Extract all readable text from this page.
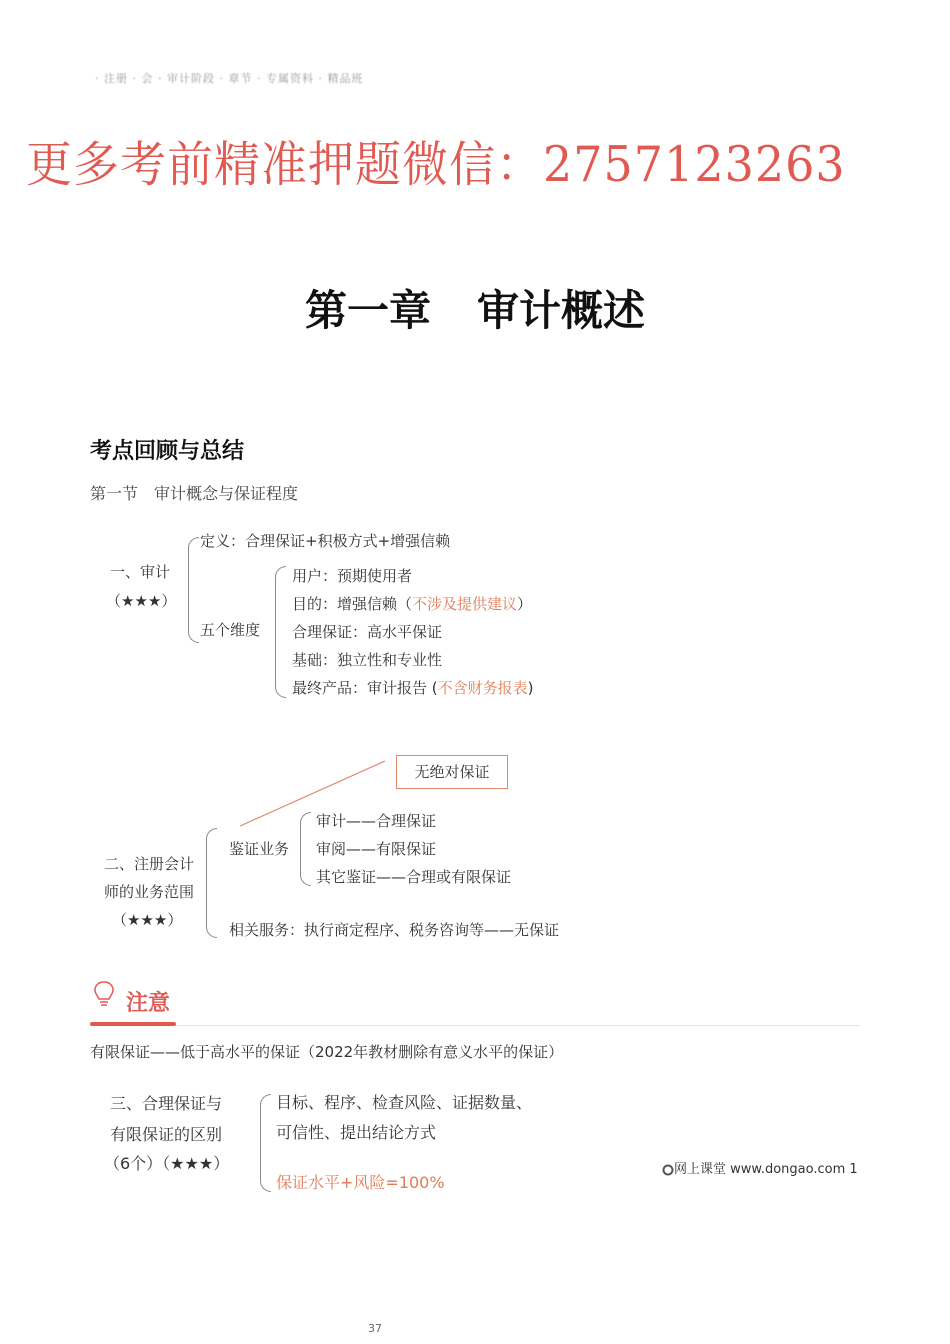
· 注册 · 会 · 审计阶段 · 章节 · 专属资料 · 精品班
更多考前精准押题微信：2757123263
第一章 审计概述
考点回顾与总结
第一节 审计概念与保证程度
一、审计
（★★★）
定义：合理保证+积极方式+增强信赖
五个维度
用户：预期使用者
目的：增强信赖（不涉及提供建议）
合理保证：高水平保证
基础：独立性和专业性
最终产品：审计报告 (不含财务报表)
无绝对保证
二、注册会计
师的业务范围
（★★★）
鉴证业务
审计——合理保证
审阅——有限保证
其它鉴证——合理或有限保证
相关服务：执行商定程序、税务咨询等——无保证
注意
有限保证——低于高水平的保证（2022年教材删除有意义水平的保证）
三、合理保证与
有限保证的区别
（6个）（★★★）
目标、程序、检查风险、证据数量、
可信性、提出结论方式
保证水平+风险=100%
网上课堂 www.dongao.com 1
37
